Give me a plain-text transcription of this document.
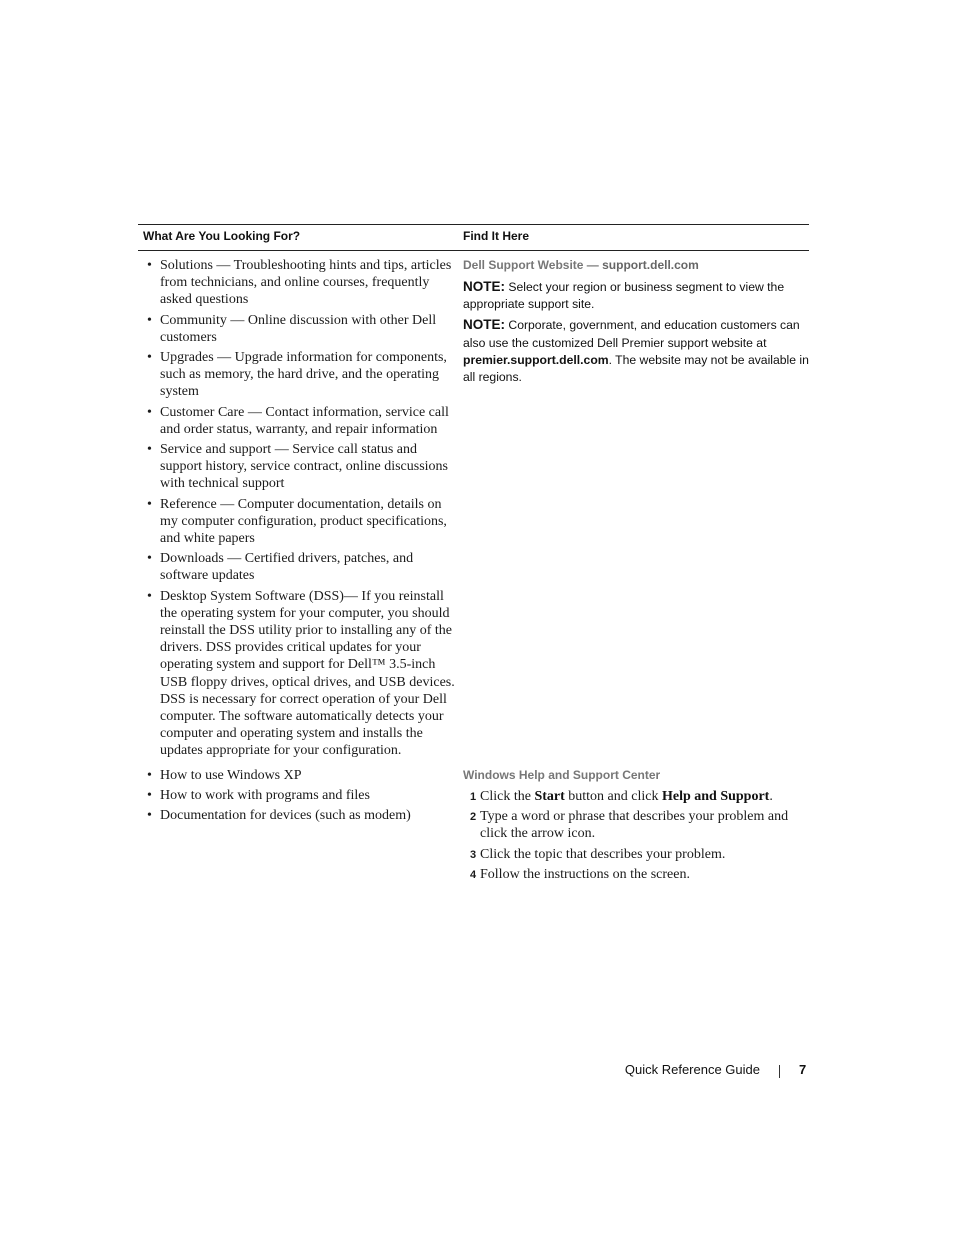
What Are You Looking For?	Find It Here
• Solutions — Troubleshooting hints and tips, articles from technicians, and online courses, frequently asked questions
• Community — Online discussion with other Dell customers
• Upgrades — Upgrade information for components, such as memory, the hard drive, and the operating system
• Customer Care — Contact information, service call and order status, warranty, and repair information
• Service and support — Service call status and support history, service contract, online discussions with technical support
• Reference — Computer documentation, details on my computer configuration, product specifications, and white papers
• Downloads — Certified drivers, patches, and software updates
• Desktop System Software (DSS)— If you reinstall the operating system for your computer, you should reinstall the DSS utility prior to installing any of the drivers. DSS provides critical updates for your operating system and support for Dell™ 3.5-inch USB floppy drives, optical drives, and USB devices. DSS is necessary for correct operation of your Dell computer. The software automatically detects your computer and operating system and installs the updates appropriate for your configuration.

Dell Support Website — support.dell.com

NOTE: Select your region or business segment to view the appropriate support site.

NOTE: Corporate, government, and education customers can also use the customized Dell Premier support website at premier.support.dell.com. The website may not be available in all regions.

• How to use Windows XP
• How to work with programs and files
• Documentation for devices (such as modem)

Windows Help and Support Center

1 Click the Start button and click Help and Support.
2 Type a word or phrase that describes your problem and click the arrow icon.
3 Click the topic that describes your problem.
4 Follow the instructions on the screen.
Quick Reference Guide	7
